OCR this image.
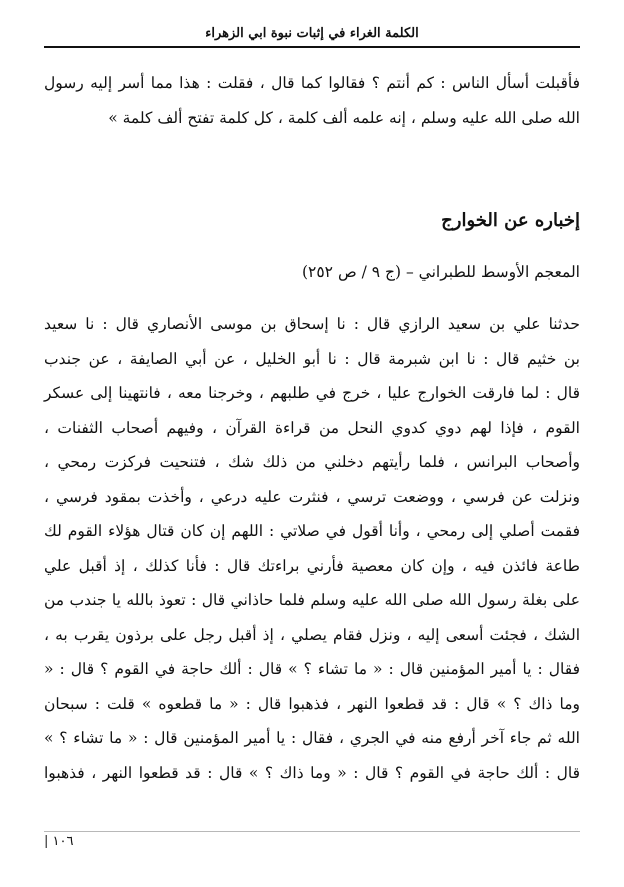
الكلمة الغراء في إثبات نبوة ابي الزهراء
فأقبلت أسأل الناس : كم أنتم ؟ فقالوا كما قال ، فقلت : هذا مما أسر إليه رسول
الله صلى الله عليه وسلم ، إنه علمه ألف كلمة ، كل كلمة تفتح ألف كلمة »
إخباره عن الخوارج

المعجم الأوسط للطبراني – (ج ٩ / ص ٢٥٢)

حدثنا علي بن سعيد الرازي قال : نا إسحاق بن موسى الأنصاري قال : نا سعيد
بن خثيم قال : نا ابن شبرمة قال : نا أبو الخليل ، عن أبي الصايفة ، عن جندب
قال : لما فارقت الخوارج عليا ، خرج في طلبهم ، وخرجنا معه ، فانتهينا إلى عسكر
القوم ، فإذا لهم دوي كدوي النحل من قراءة القرآن ، وفيهم أصحاب الثفنات ،
وأصحاب البرانس ، فلما رأيتهم دخلني من ذلك شك ، فتنحيت فركزت رمحي ،
ونزلت عن فرسي ، ووضعت ترسي ، فنثرت عليه درعي ، وأخذت بمقود فرسي ،
فقمت أصلي إلى رمحي ، وأنا أقول في صلاتي : اللهم إن كان قتال هؤلاء القوم لك
طاعة فائذن فيه ، وإن كان معصية فأرني براءتك قال : فأنا كذلك ، إذ أقبل علي
على بغلة رسول الله صلى الله عليه وسلم فلما حاذاني قال : تعوذ بالله يا جندب من
الشك ، فجئت أسعى إليه ، ونزل فقام يصلي ، إذ أقبل رجل على برذون يقرب به ،
فقال : يا أمير المؤمنين قال : « ما تشاء ؟ » قال : ألك حاجة في القوم ؟ قال : «
وما ذاك ؟ » قال : قد قطعوا النهر ، فذهبوا قال : « ما قطعوه » قلت : سبحان
الله ثم جاء آخر أرفع منه في الجري ، فقال : يا أمير المؤمنين قال : « ما تشاء ؟ »
قال : ألك حاجة في القوم ؟ قال : « وما ذاك ؟ » قال : قد قطعوا النهر ، فذهبوا
١٠٦ |
